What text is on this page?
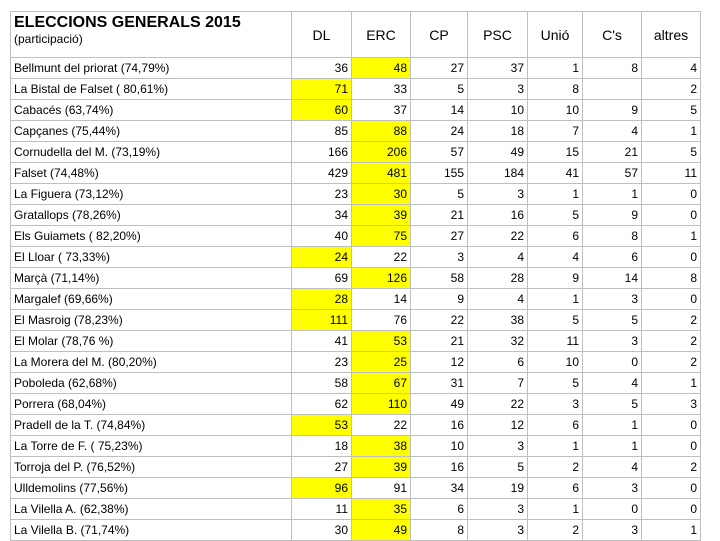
ELECCIONS GENERALS 2015
(participació)	DL	ERC	CP	PSC	Unió	C's	altres
Bellmunt del priorat (74,79%)	36	48	27	37	1	8	4
La Bistal de Falset ( 80,61%)	71	33	5	3	8		2
Cabacés (63,74%)	60	37	14	10	10	9	5
Capçanes (75,44%)	85	88	24	18	7	4	1
Cornudella del M. (73,19%)	166	206	57	49	15	21	5
Falset (74,48%)	429	481	155	184	41	57	11
La Figuera (73,12%)	23	30	5	3	1	1	0
Gratallops (78,26%)	34	39	21	16	5	9	0
Els Guiamets ( 82,20%)	40	75	27	22	6	8	1
El Lloar ( 73,33%)	24	22	3	4	4	6	0
Marçà (71,14%)	69	126	58	28	9	14	8
Margalef (69,66%)	28	14	9	4	1	3	0
El Masroig (78,23%)	111	76	22	38	5	5	2
El Molar (78,76 %)	41	53	21	32	11	3	2
La Morera del M. (80,20%)	23	25	12	6	10	0	2
Poboleda (62,68%)	58	67	31	7	5	4	1
Porrera (68,04%)	62	110	49	22	3	5	3
Pradell de la T. (74,84%)	53	22	16	12	6	1	0
La Torre de F. ( 75,23%)	18	38	10	3	1	1	0
Torroja del P. (76,52%)	27	39	16	5	2	4	2
Ulldemolins (77,56%)	96	91	34	19	6	3	0
La Vilella A. (62,38%)	11	35	6	3	1	0	0
La Vilella B. (71,74%)	30	49	8	3	2	3	1
